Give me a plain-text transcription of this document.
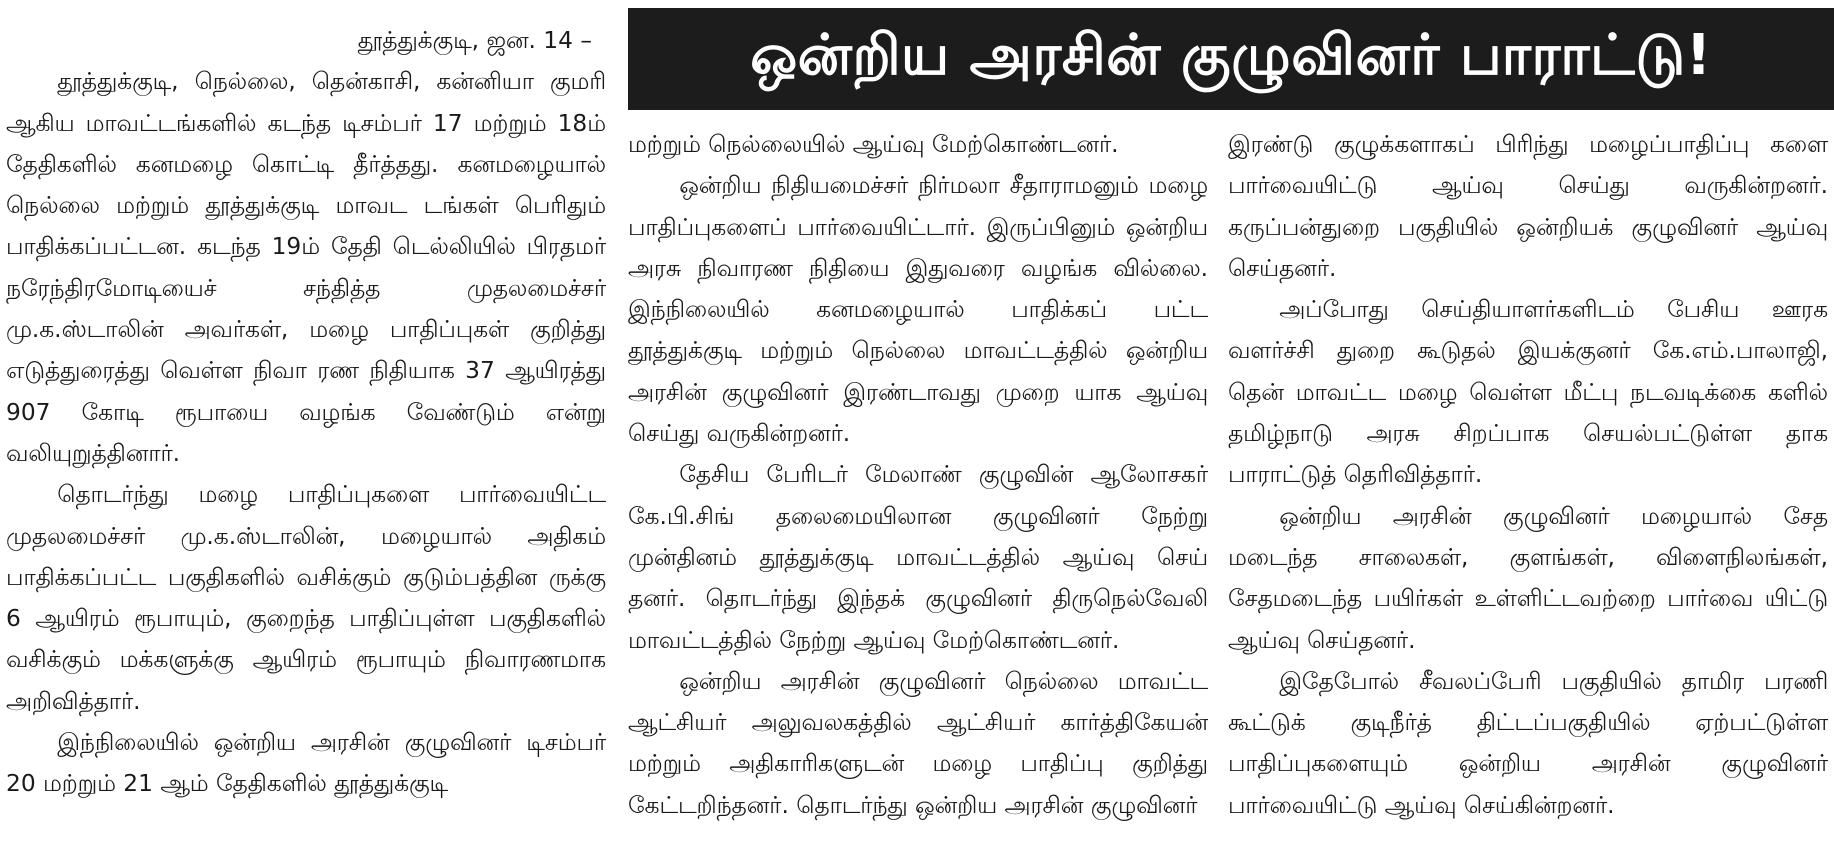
ஒன்றிய அரசின் குழுவினர் பாராட்டு!

தூத்துக்குடி, ஜன. 14 –

தூத்துக்குடி, நெல்லை, தென்காசி, கன்னியா குமரி ஆகிய மாவட்டங்களில் கடந்த டிசம்பர் 17 மற்றும் 18ம் தேதிகளில் கனமழை கொட்டி தீர்த்தது. கனமழையால் நெல்லை மற்றும் தூத்துக்குடி மாவட டங்கள் பெரிதும் பாதிக்கப்பட்டன. கடந்த 19ம் தேதி டெல்லியில் பிரதமர் நரேந்திரமோடியைச் சந்தித்த முதலமைச்சர் மு.க.ஸ்டாலின் அவர்கள், மழை பாதிப்புகள் குறித்து எடுத்துரைத்து வெள்ள நிவா ரண நிதியாக 37 ஆயிரத்து 907 கோடி ரூபாயை வழங்க வேண்டும் என்று வலியுறுத்தினார்.

தொடர்ந்து மழை பாதிப்புகளை பார்வையிட்ட முதலமைச்சர் மு.க.ஸ்டாலின், மழையால் அதிகம் பாதிக்கப்பட்ட பகுதிகளில் வசிக்கும் குடும்பத்தின ருக்கு 6 ஆயிரம் ரூபாயும், குறைந்த பாதிப்புள்ள பகுதிகளில் வசிக்கும் மக்களுக்கு ஆயிரம் ரூபாயும் நிவாரணமாக அறிவித்தார்.

இந்நிலையில் ஒன்றிய அரசின் குழுவினர் டிசம்பர் 20 மற்றும் 21 ஆம் தேதிகளில் தூத்துக்குடி

மற்றும் நெல்லையில் ஆய்வு மேற்கொண்டனர்.

ஒன்றிய நிதியமைச்சர் நிர்மலா சீதாராமனும் மழை பாதிப்புகளைப் பார்வையிட்டார். இருப்பினும் ஒன்றிய அரசு நிவாரண நிதியை இதுவரை வழங்க வில்லை. இந்நிலையில் கனமழையால் பாதிக்கப் பட்ட தூத்துக்குடி மற்றும் நெல்லை மாவட்டத்தில் ஒன்றிய அரசின் குழுவினர் இரண்டாவது முறை யாக ஆய்வு செய்து வருகின்றனர்.

தேசிய பேரிடர் மேலாண் குழுவின் ஆலோசகர் கே.பி.சிங் தலைமையிலான குழுவினர் நேற்று முன்தினம் தூத்துக்குடி மாவட்டத்தில் ஆய்வு செய் தனர். தொடர்ந்து இந்தக் குழுவினர் திருநெல்வேலி மாவட்டத்தில் நேற்று ஆய்வு மேற்கொண்டனர்.

ஒன்றிய அரசின் குழுவினர் நெல்லை மாவட்ட ஆட்சியர் அலுவலகத்தில் ஆட்சியர் கார்த்திகேயன் மற்றும் அதிகாரிகளுடன் மழை பாதிப்பு குறித்து கேட்டறிந்தனர். தொடர்ந்து ஒன்றிய அரசின் குழுவினர்

இரண்டு குழுக்களாகப் பிரிந்து மழைப்பாதிப்பு களை பார்வையிட்டு ஆய்வு செய்து வருகின்றனர். கருப்பன்துறை பகுதியில் ஒன்றியக் குழுவினர் ஆய்வு செய்தனர்.

அப்போது செய்தியாளர்களிடம் பேசிய ஊரக வளர்ச்சி துறை கூடுதல் இயக்குனர் கே.எம்.பாலாஜி, தென் மாவட்ட மழை வெள்ள மீட்பு நடவடிக்கை களில் தமிழ்நாடு அரசு சிறப்பாக செயல்பட்டுள்ள தாக பாராட்டுத் தெரிவித்தார்.

ஒன்றிய அரசின் குழுவினர் மழையால் சேத மடைந்த சாலைகள், குளங்கள், விளைநிலங்கள், சேதமடைந்த பயிர்கள் உள்ளிட்டவற்றை பார்வை யிட்டு ஆய்வு செய்தனர்.

இதேபோல் சீவலப்பேரி பகுதியில் தாமிர பரணி கூட்டுக் குடிநீர்த் திட்டப்பகுதியில் ஏற்பட்டுள்ள பாதிப்புகளையும் ஒன்றிய அரசின் குழுவினர் பார்வையிட்டு ஆய்வு செய்கின்றனர்.
